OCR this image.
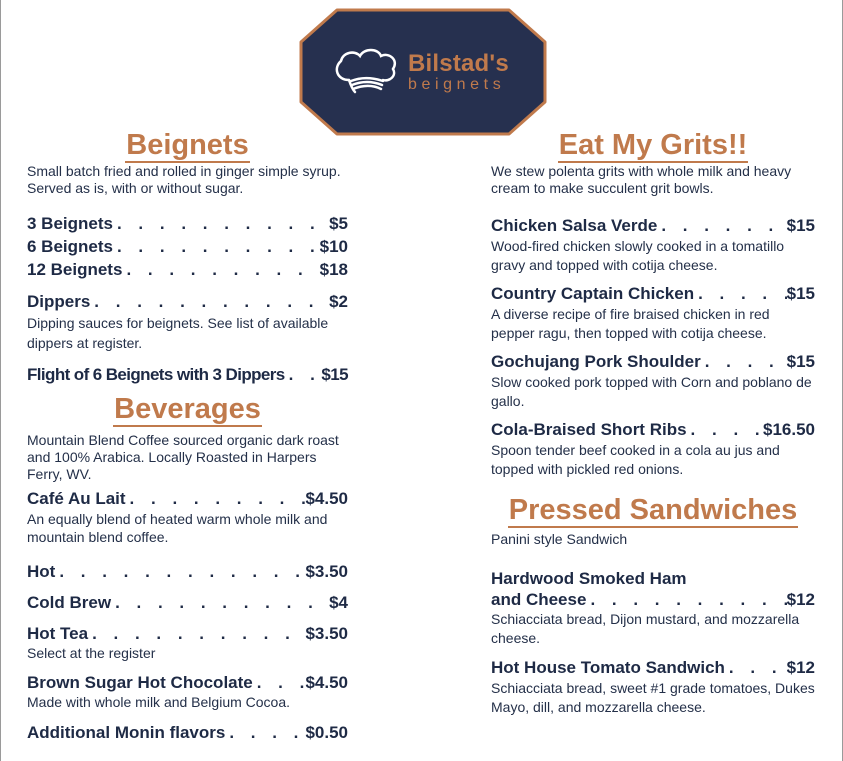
Bilstad's
beignets
Beignets

Small batch fried and rolled in ginger simple syrup. Served as is, with or without sugar.

3 Beignets . . .	$5
6 Beignets . . .	$10
12 Beignets . . .	$18
Dippers . . .	$2
Dipping sauces for beignets. See list of available dippers at register.
Flight of 6 Beignets with 3 Dippers . . . $15
Beverages

Mountain Blend Coffee sourced organic dark roast and 100% Arabica. Locally Roasted in Harpers Ferry, WV.

Café Au Lait . . .	$4.50
An equally blend of heated warm whole milk and mountain blend coffee.
Hot . . .	$3.50
Cold Brew . . .	$4
Hot Tea . . .	$3.50
Select at the register
Brown Sugar Hot Chocolate . . .	$4.50
Made with whole milk and Belgium Cocoa.
Additional Monin flavors . . .	$0.50
Eat My Grits!!

We stew polenta grits with whole milk and heavy cream to make succulent grit bowls.

Chicken Salsa Verde . . .	$15
Wood-fired chicken slowly cooked in a tomatillo gravy and topped with cotija cheese.
Country Captain Chicken . . .	$15
A diverse recipe of fire braised chicken in red pepper ragu, then topped with cotija cheese.
Gochujang Pork Shoulder . . .	$15
Slow cooked pork topped with Corn and poblano de gallo.
Cola-Braised Short Ribs . . .	$16.50
Spoon tender beef cooked in a cola au jus and topped with pickled red onions.
Pressed Sandwiches

Panini style Sandwich

Hardwood Smoked Ham
and Cheese . . .	$12
Schiacciata bread, Dijon mustard, and mozzarella cheese.
Hot House Tomato Sandwich . . .	$12
Schiacciata bread, sweet #1 grade tomatoes, Dukes Mayo, dill, and mozzarella cheese.
